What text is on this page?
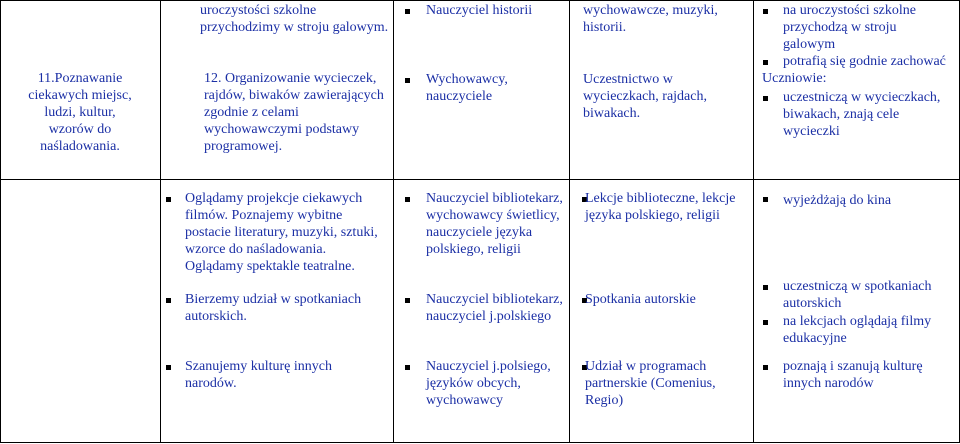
11.Poznawanie
ciekawych miejsc,
ludzi, kultur,
wzorów do
naśladowania.
uroczystości szkolne
przychodzimy w stroju galowym.
12. Organizowanie wycieczek,
rajdów, biwaków zawierających
zgodnie z celami
wychowawczymi podstawy
programowej.
Nauczyciel historii
Wychowawcy,
nauczyciele
wychowawcze, muzyki,
historii.
Uczestnictwo w
wycieczkach, rajdach,
biwakach.
na uroczystości szkolne
przychodzą w stroju
galowym
potrafią się godnie zachować
Uczniowie:
uczestniczą w wycieczkach,
biwakach, znają cele
wycieczki
Oglądamy projekcje ciekawych
filmów. Poznajemy wybitne
postacie literatury, muzyki, sztuki,
wzorce do naśladowania.
Oglądamy spektakle teatralne.
Nauczyciel bibliotekarz,
wychowawcy świetlicy,
nauczyciele języka
polskiego, religii
Lekcje biblioteczne, lekcje
języka polskiego, religii
wyjeżdżają do kina
Bierzemy udział w spotkaniach
autorskich.
Nauczyciel bibliotekarz,
nauczyciel j.polskiego
Spotkania autorskie
uczestniczą w spotkaniach
autorskich
na lekcjach oglądają filmy
edukacyjne
Szanujemy kulturę innych
narodów.
Nauczyciel j.polsiego,
języków obcych,
wychowawcy
Udział w programach
partnerskie (Comenius,
Regio)
poznają i szanują kulturę
innych narodów
